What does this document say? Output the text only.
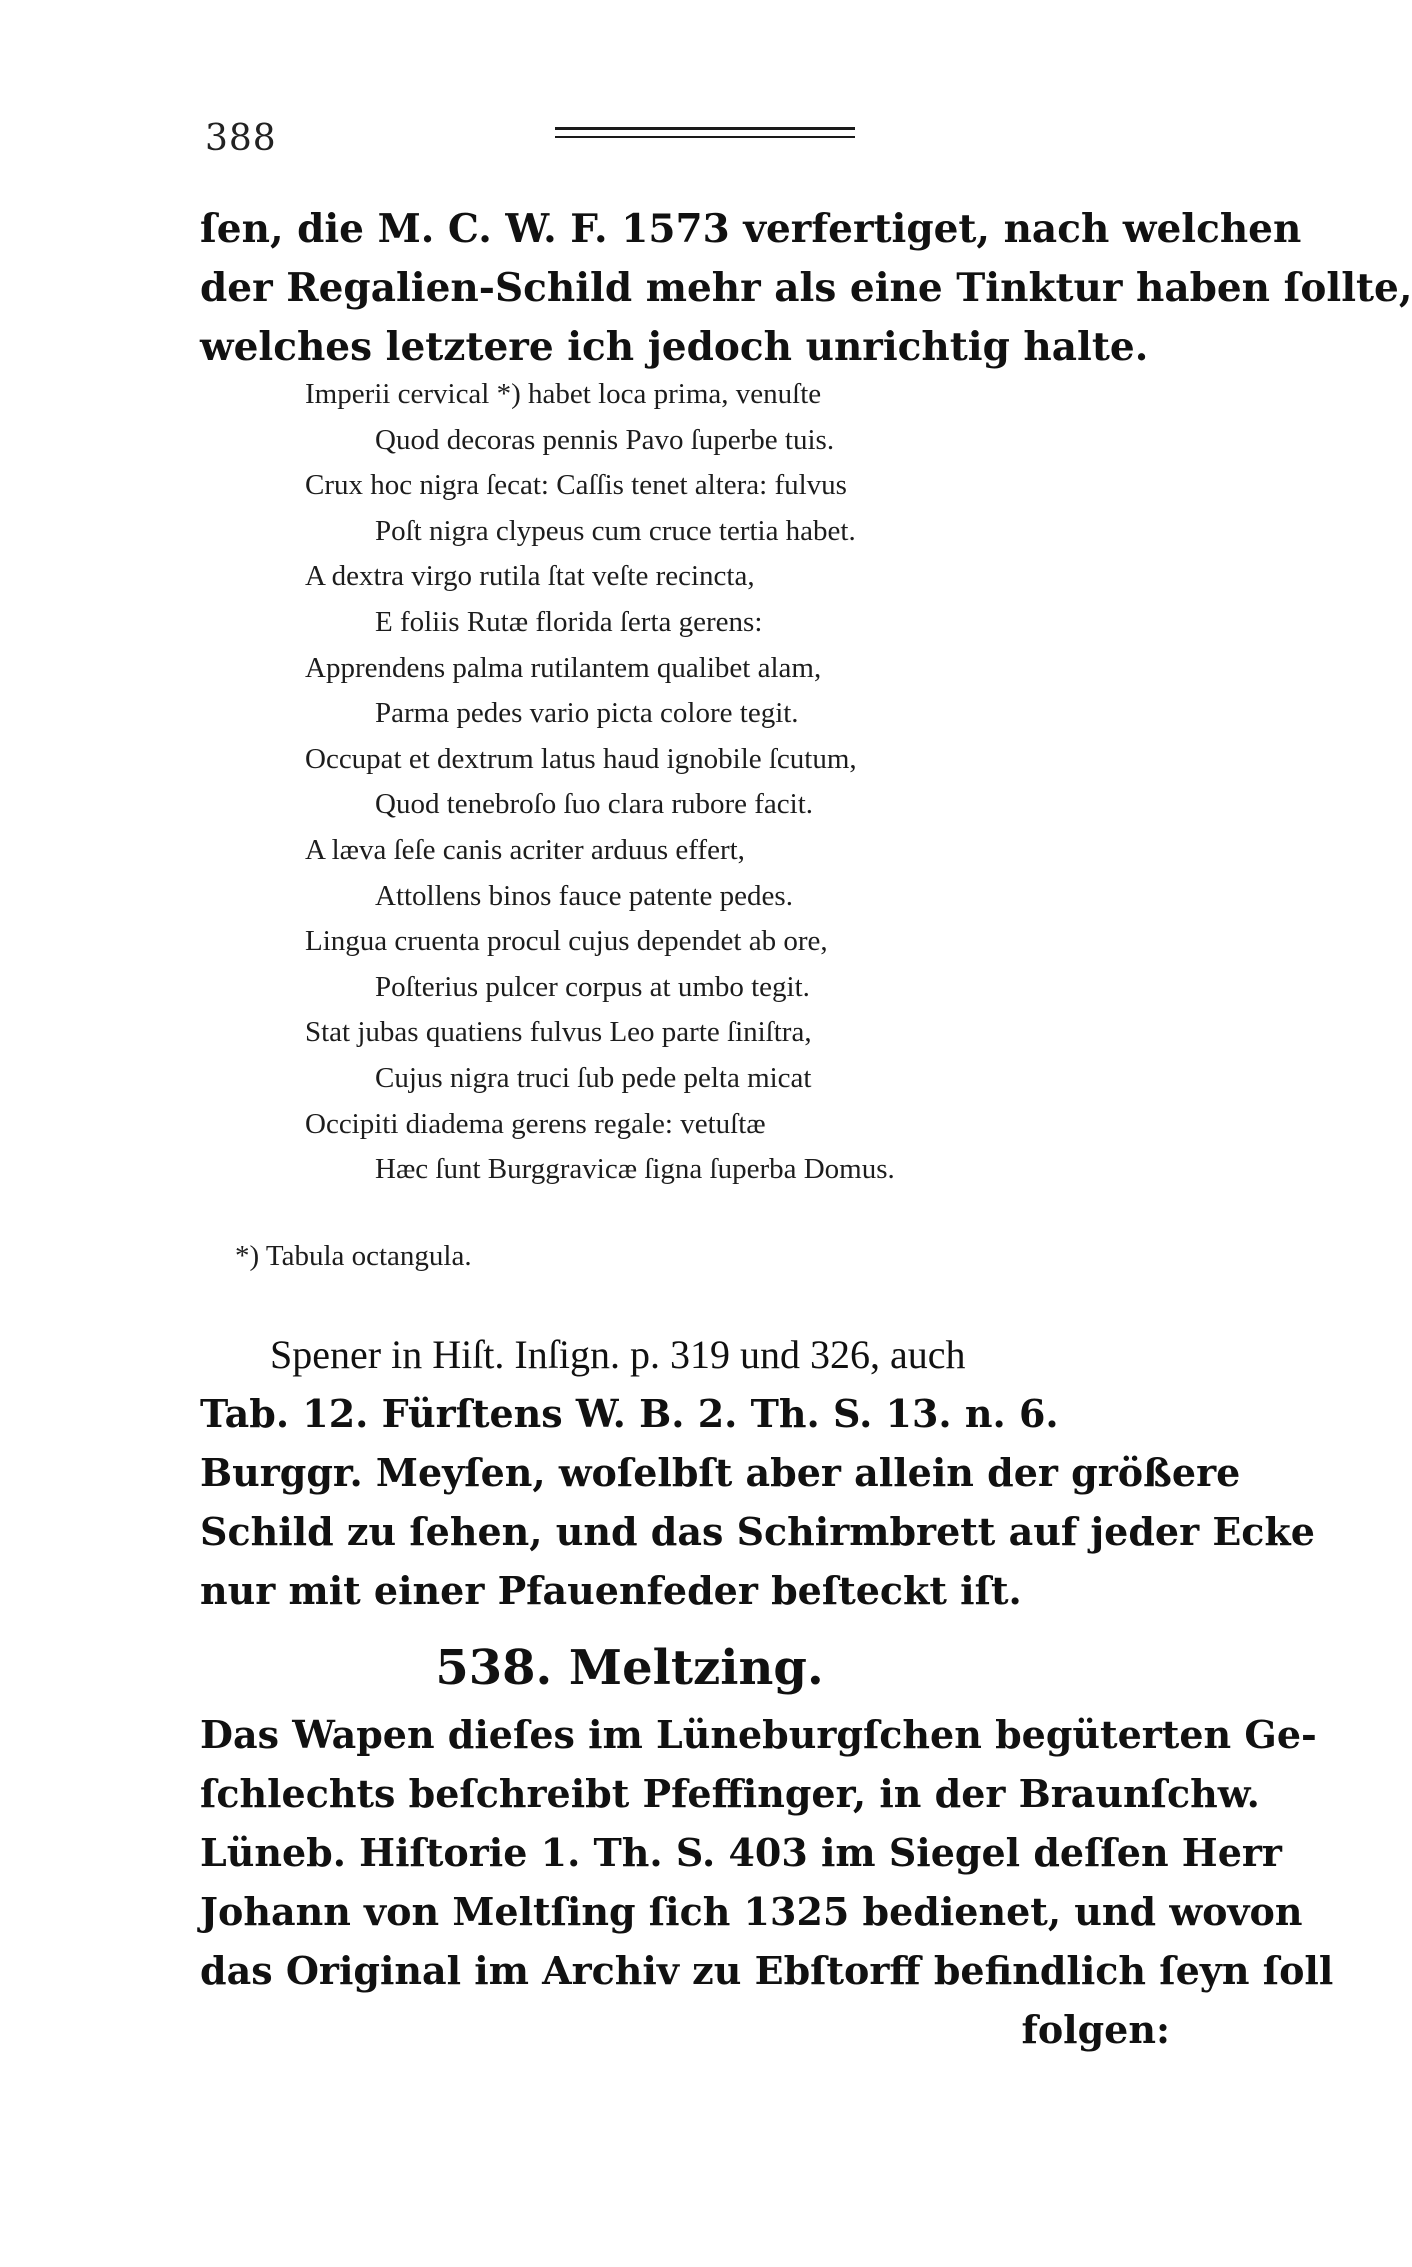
388
ſen, die M. C. W. F. 1573 verfertiget, nach welchen
der Regalien-Schild mehr als eine Tinktur haben ſollte,
welches letztere ich jedoch unrichtig halte.
Imperii cervical *) habet loca prima, venuſte
Quod decoras pennis Pavo ſuperbe tuis.
Crux hoc nigra ſecat: Caſſis tenet altera: fulvus
Poſt nigra clypeus cum cruce tertia habet.
A dextra virgo rutila ſtat veſte recincta,
E foliis Rutæ florida ſerta gerens:
Apprendens palma rutilantem qualibet alam,
Parma pedes vario picta colore tegit.
Occupat et dextrum latus haud ignobile ſcutum,
Quod tenebroſo ſuo clara rubore facit.
A læva ſeſe canis acriter arduus effert,
Attollens binos fauce patente pedes.
Lingua cruenta procul cujus dependet ab ore,
Poſterius pulcer corpus at umbo tegit.
Stat jubas quatiens fulvus Leo parte ſiniſtra,
Cujus nigra truci ſub pede pelta micat
Occipiti diadema gerens regale: vetuſtæ
Hæc ſunt Burggravicæ ſigna ſuperba Domus.
*) Tabula octangula.
Spener in Hiſt. Inſign. p. 319 und 326, auch
Tab. 12. Fürſtens W. B. 2. Th. S. 13. n. 6.
Burggr. Meyſen, woſelbſt aber allein der größere
Schild zu ſehen, und das Schirmbrett auf jeder Ecke
nur mit einer Pfauenfeder beſteckt iſt.
538. Meltzing.
Das Wapen dieſes im Lüneburgſchen begüterten Ge-
ſchlechts beſchreibt Pfeffinger, in der Braunſchw.
Lüneb. Hiſtorie 1. Th. S. 403 im Siegel deſſen Herr
Johann von Meltſing ſich 1325 bedienet, und wovon
das Original im Archiv zu Ebſtorff befindlich ſeyn ſoll
folgen:
